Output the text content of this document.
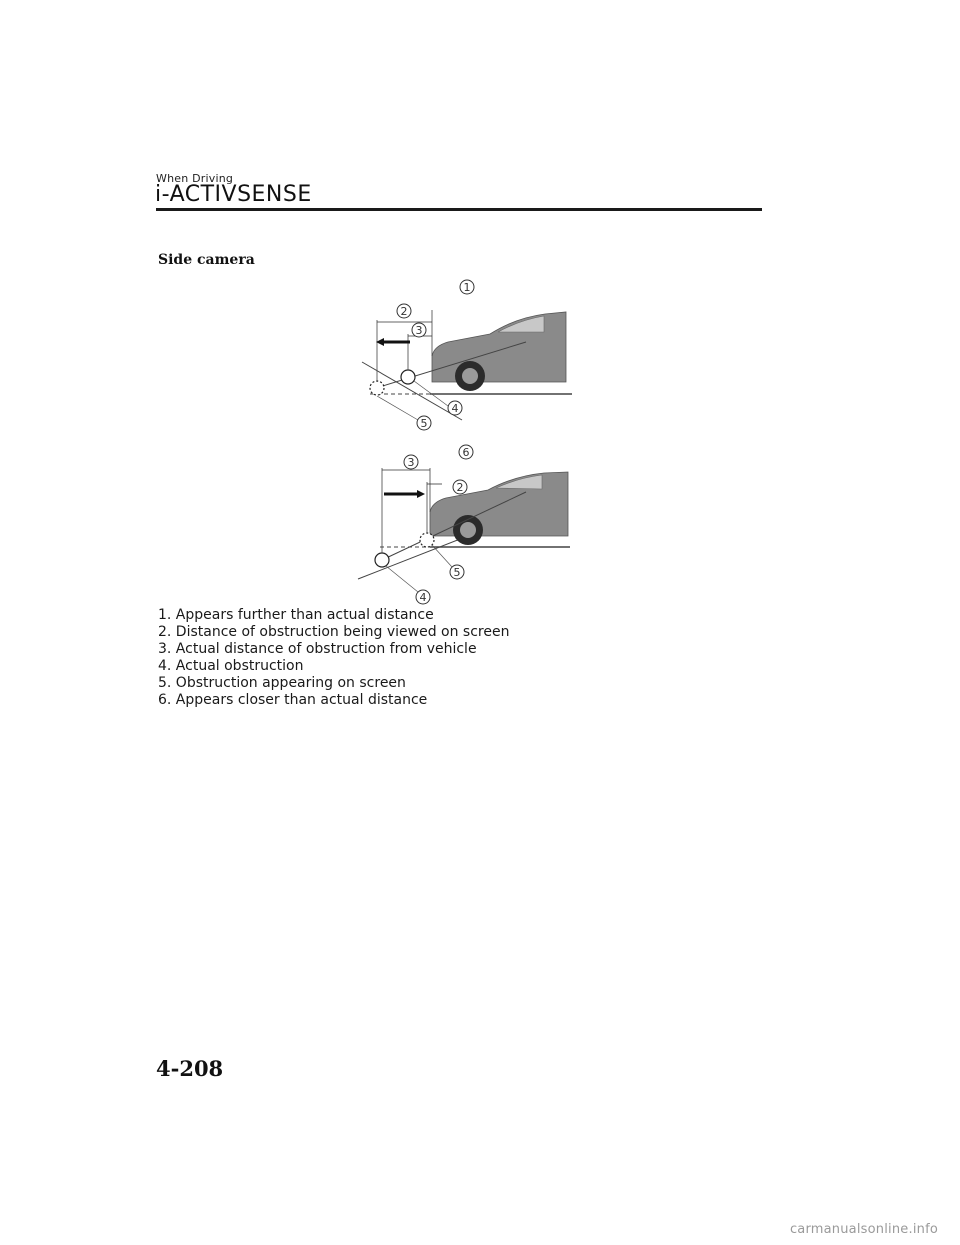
When Driving
i-ACTIVSENSE
Side camera
1
2
3
4
5
6
3
2
5
4
1. Appears further than actual distance
2. Distance of obstruction being viewed on screen
3. Actual distance of obstruction from vehicle
4. Actual obstruction
5. Obstruction appearing on screen
6. Appears closer than actual distance
4-208
carmanualsonline.info
